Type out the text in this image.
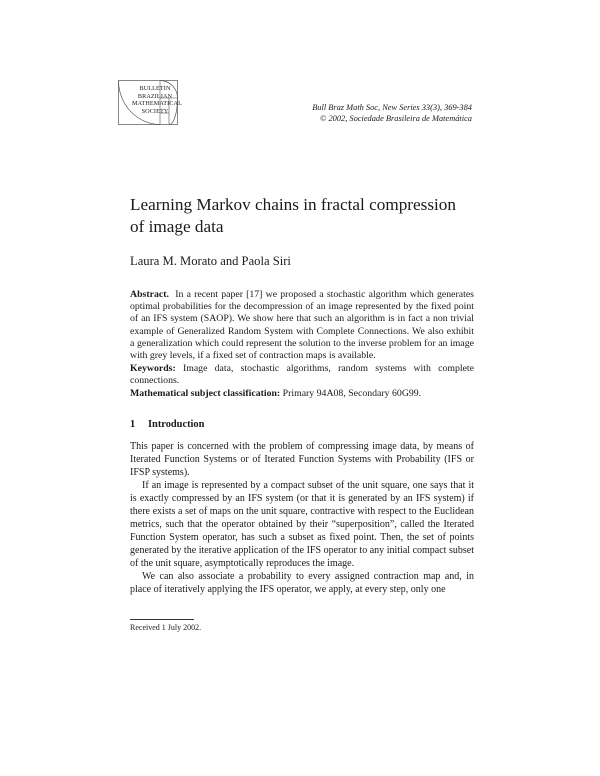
BULLETIN
BRAZILIAN
MATHEMATICAL
SOCIETY	Bull Braz Math Soc, New Series 33(3), 369-384
© 2002, Sociedade Brasileira de Matemática
Learning Markov chains in fractal compression
of image data
Laura M. Morato and Paola Siri
Abstract. In a recent paper [17] we proposed a stochastic algorithm which generates optimal probabilities for the decompression of an image represented by the fixed point of an IFS system (SAOP). We show here that such an algorithm is in fact a non trivial example of Generalized Random System with Complete Connections. We also exhibit a generalization which could represent the solution to the inverse problem for an image with grey levels, if a fixed set of contraction maps is available.
Keywords: Image data, stochastic algorithms, random systems with complete connections.
Mathematical subject classification: Primary 94A08, Secondary 60G99.
1 Introduction

This paper is concerned with the problem of compressing image data, by means of Iterated Function Systems or of Iterated Function Systems with Probability (IFS or IFSP systems).

If an image is represented by a compact subset of the unit square, one says that it is exactly compressed by an IFS system (or that it is generated by an IFS system) if there exists a set of maps on the unit square, contractive with respect to the Euclidean metrics, such that the operator obtained by their “superposition”, called the Iterated Function System operator, has such a subset as fixed point. Then, the set of points generated by the iterative application of the IFS operator to any initial compact subset of the unit square, asymptotically reproduces the image.

We can also associate a probability to every assigned contraction map and, in place of iteratively applying the IFS operator, we apply, at every step, only one

Received 1 July 2002.
